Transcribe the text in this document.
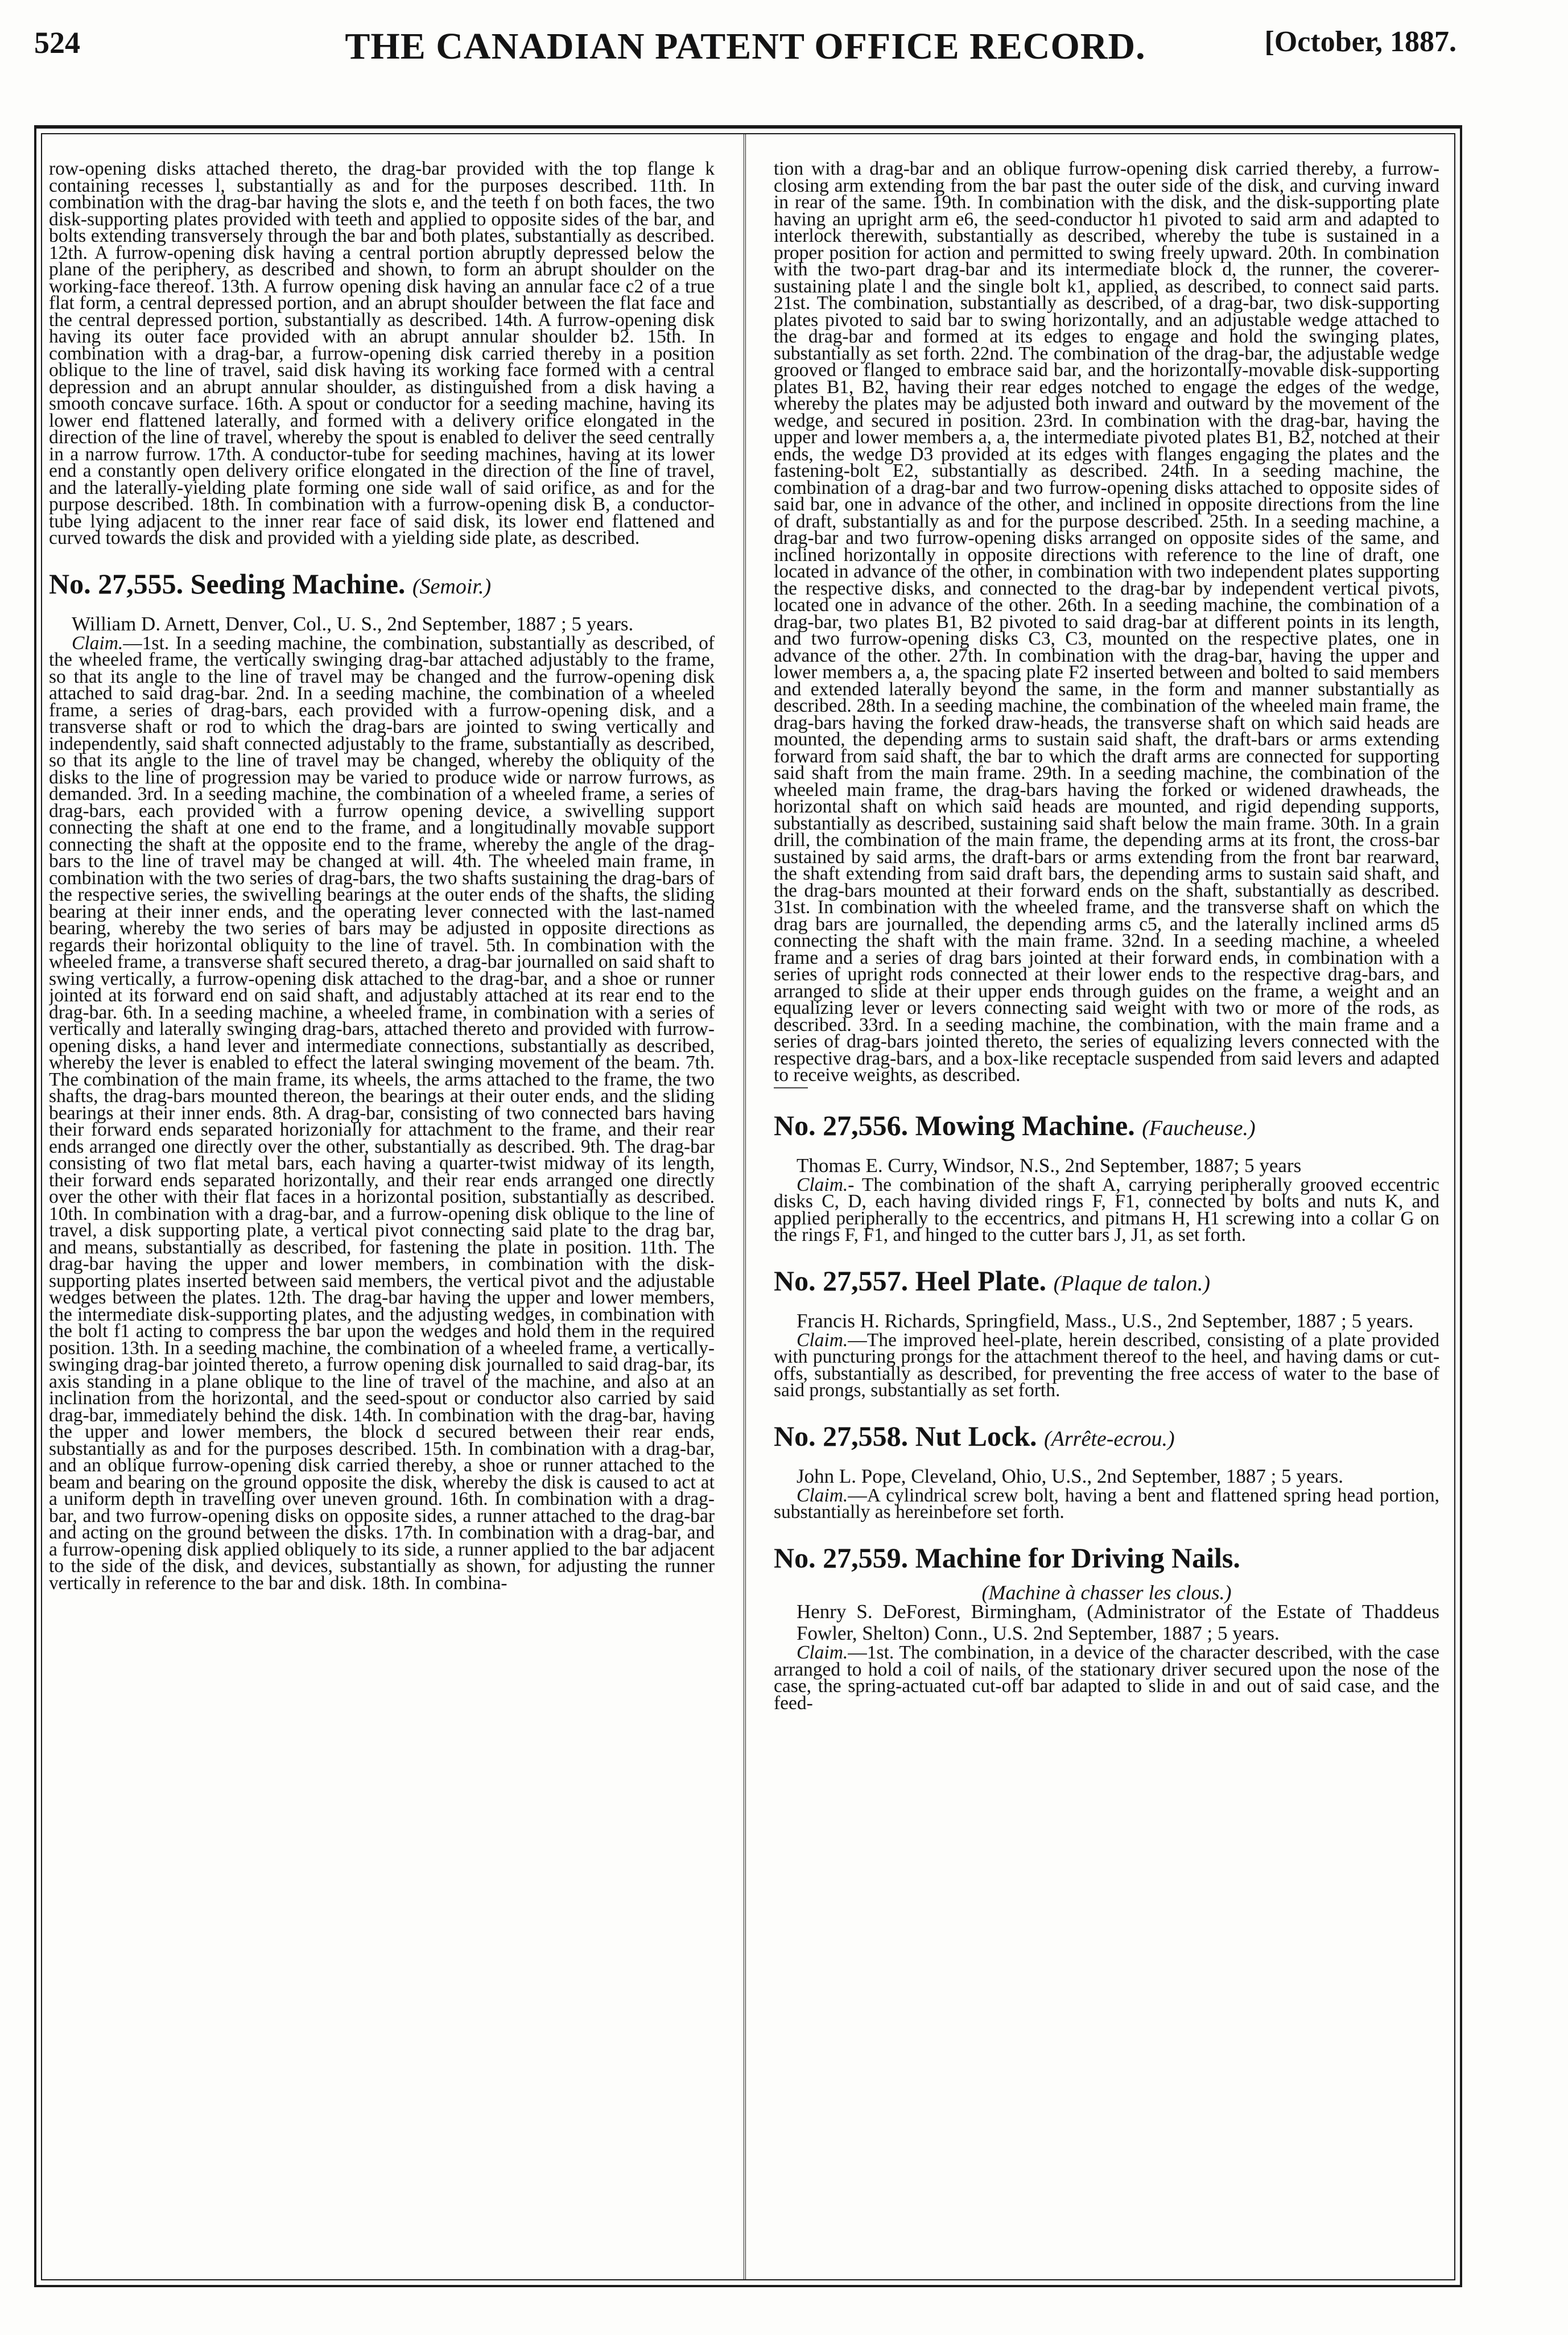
524	THE CANADIAN PATENT OFFICE RECORD.	[October, 1887.

row-opening disks attached thereto, the drag-bar provided with the top flange k containing recesses l, substantially as and for the purposes described. 11th. In combination with the drag-bar having the slots e, and the teeth f on both faces, the two disk-supporting plates provided with teeth and applied to opposite sides of the bar, and bolts extending transversely through the bar and both plates, substantially as described. 12th. A furrow-opening disk having a central portion abruptly depressed below the plane of the periphery, as described and shown, to form an abrupt shoulder on the working-face thereof. 13th. A furrow opening disk having an annular face c2 of a true flat form, a central depressed portion, and an abrupt shoulder between the flat face and the central depressed portion, substantially as described. 14th. A furrow-opening disk having its outer face provided with an abrupt annular shoulder b2. 15th. In combination with a drag-bar, a furrow-opening disk carried thereby in a position oblique to the line of travel, said disk having its working face formed with a central depression and an abrupt annular shoulder, as distinguished from a disk having a smooth concave surface. 16th. A spout or conductor for a seeding machine, having its lower end flattened laterally, and formed with a delivery orifice elongated in the direction of the line of travel, whereby the spout is enabled to deliver the seed centrally in a narrow furrow. 17th. A conductor-tube for seeding machines, having at its lower end a constantly open delivery orifice elongated in the direction of the line of travel, and the laterally-yielding plate forming one side wall of said orifice, as and for the purpose described. 18th. In combination with a furrow-opening disk B, a conductor-tube lying adjacent to the inner rear face of said disk, its lower end flattened and curved towards the disk and provided with a yielding side plate, as described.

No. 27,555. Seeding Machine. (Semoir.)

William D. Arnett, Denver, Col., U. S., 2nd September, 1887 ; 5 years.

Claim.—1st. In a seeding machine, the combination, substantially as described, of the wheeled frame, the vertically swinging drag-bar attached adjustably to the frame, so that its angle to the line of travel may be changed and the furrow-opening disk attached to said drag-bar. 2nd. In a seeding machine, the combination of a wheeled frame, a series of drag-bars, each provided with a furrow-opening disk, and a transverse shaft or rod to which the drag-bars are jointed to swing vertically and independently, said shaft connected adjustably to the frame, substantially as described, so that its angle to the line of travel may be changed, whereby the obliquity of the disks to the line of progression may be varied to produce wide or narrow furrows, as demanded. 3rd. In a seeding machine, the combination of a wheeled frame, a series of drag-bars, each provided with a furrow opening device, a swivelling support connecting the shaft at one end to the frame, and a longitudinally movable support connecting the shaft at the opposite end to the frame, whereby the angle of the drag-bars to the line of travel may be changed at will. 4th. The wheeled main frame, in combination with the two series of drag-bars, the two shafts sustaining the drag-bars of the respective series, the swivelling bearings at the outer ends of the shafts, the sliding bearing at their inner ends, and the operating lever connected with the last-named bearing, whereby the two series of bars may be adjusted in opposite directions as regards their horizontal obliquity to the line of travel. 5th. In combination with the wheeled frame, a transverse shaft secured thereto, a drag-bar journalled on said shaft to swing vertically, a furrow-opening disk attached to the drag-bar, and a shoe or runner jointed at its forward end on said shaft, and adjustably attached at its rear end to the drag-bar. 6th. In a seeding machine, a wheeled frame, in combination with a series of vertically and laterally swinging drag-bars, attached thereto and provided with furrow-opening disks, a hand lever and intermediate connections, substantially as described, whereby the lever is enabled to effect the lateral swinging movement of the beam. 7th. The combination of the main frame, its wheels, the arms attached to the frame, the two shafts, the drag-bars mounted thereon, the bearings at their outer ends, and the sliding bearings at their inner ends. 8th. A drag-bar, consisting of two connected bars having their forward ends separated horizonially for attachment to the frame, and their rear ends arranged one directly over the other, substantially as described. 9th. The drag-bar consisting of two flat metal bars, each having a quarter-twist midway of its length, their forward ends separated horizontally, and their rear ends arranged one directly over the other with their flat faces in a horizontal position, substantially as described. 10th. In combination with a drag-bar, and a furrow-opening disk oblique to the line of travel, a disk supporting plate, a vertical pivot connecting said plate to the drag bar, and means, substantially as described, for fastening the plate in position. 11th. The drag-bar having the upper and lower members, in combination with the disk-supporting plates inserted between said members, the vertical pivot and the adjustable wedges between the plates. 12th. The drag-bar having the upper and lower members, the intermediate disk-supporting plates, and the adjusting wedges, in combination with the bolt f1 acting to compress the bar upon the wedges and hold them in the required position. 13th. In a seeding machine, the combination of a wheeled frame, a vertically-swinging drag-bar jointed thereto, a furrow opening disk journalled to said drag-bar, its axis standing in a plane oblique to the line of travel of the machine, and also at an inclination from the horizontal, and the seed-spout or conductor also carried by said drag-bar, immediately behind the disk. 14th. In combination with the drag-bar, having the upper and lower members, the block d secured between their rear ends, substantially as and for the purposes described. 15th. In combination with a drag-bar, and an oblique furrow-opening disk carried thereby, a shoe or runner attached to the beam and bearing on the ground opposite the disk, whereby the disk is caused to act at a uniform depth in travelling over uneven ground. 16th. In combination with a drag-bar, and two furrow-opening disks on opposite sides, a runner attached to the drag-bar and acting on the ground between the disks. 17th. In combination with a drag-bar, and a furrow-opening disk applied obliquely to its side, a runner applied to the bar adjacent to the side of the disk, and devices, substantially as shown, for adjusting the runner vertically in reference to the bar and disk. 18th. In combina-

tion with a drag-bar and an oblique furrow-opening disk carried thereby, a furrow-closing arm extending from the bar past the outer side of the disk, and curving inward in rear of the same. 19th. In combination with the disk, and the disk-supporting plate having an upright arm e6, the seed-conductor h1 pivoted to said arm and adapted to interlock therewith, substantially as described, whereby the tube is sustained in a proper position for action and permitted to swing freely upward. 20th. In combination with the two-part drag-bar and its intermediate block d, the runner, the coverer-sustaining plate l and the single bolt k1, applied, as described, to connect said parts. 21st. The combination, substantially as described, of a drag-bar, two disk-supporting plates pivoted to said bar to swing horizontally, and an adjustable wedge attached to the drag-bar and formed at its edges to engage and hold the swinging plates, substantially as set forth. 22nd. The combination of the drag-bar, the adjustable wedge grooved or flanged to embrace said bar, and the horizontally-movable disk-supporting plates B1, B2, having their rear edges notched to engage the edges of the wedge, whereby the plates may be adjusted both inward and outward by the movement of the wedge, and secured in position. 23rd. In combination with the drag-bar, having the upper and lower members a, a, the intermediate pivoted plates B1, B2, notched at their ends, the wedge D3 provided at its edges with flanges engaging the plates and the fastening-bolt E2, substantially as described. 24th. In a seeding machine, the combination of a drag-bar and two furrow-opening disks attached to opposite sides of said bar, one in advance of the other, and inclined in opposite directions from the line of draft, substantially as and for the purpose described. 25th. In a seeding machine, a drag-bar and two furrow-opening disks arranged on opposite sides of the same, and inclined horizontally in opposite directions with reference to the line of draft, one located in advance of the other, in combination with two independent plates supporting the respective disks, and connected to the drag-bar by independent vertical pivots, located one in advance of the other. 26th. In a seeding machine, the combination of a drag-bar, two plates B1, B2 pivoted to said drag-bar at different points in its length, and two furrow-opening disks C3, C3, mounted on the respective plates, one in advance of the other. 27th. In combination with the drag-bar, having the upper and lower members a, a, the spacing plate F2 inserted between and bolted to said members and extended laterally beyond the same, in the form and manner substantially as described. 28th. In a seeding machine, the combination of the wheeled main frame, the drag-bars having the forked draw-heads, the transverse shaft on which said heads are mounted, the depending arms to sustain said shaft, the draft-bars or arms extending forward from said shaft, the bar to which the draft arms are connected for supporting said shaft from the main frame. 29th. In a seeding machine, the combination of the wheeled main frame, the drag-bars having the forked or widened drawheads, the horizontal shaft on which said heads are mounted, and rigid depending supports, substantially as described, sustaining said shaft below the main frame. 30th. In a grain drill, the combination of the main frame, the depending arms at its front, the cross-bar sustained by said arms, the draft-bars or arms extending from the front bar rearward, the shaft extending from said draft bars, the depending arms to sustain said shaft, and the drag-bars mounted at their forward ends on the shaft, substantially as described. 31st. In combination with the wheeled frame, and the transverse shaft on which the drag bars are journalled, the depending arms c5, and the laterally inclined arms d5 connecting the shaft with the main frame. 32nd. In a seeding machine, a wheeled frame and a series of drag bars jointed at their forward ends, in combination with a series of upright rods connected at their lower ends to the respective drag-bars, and arranged to slide at their upper ends through guides on the frame, a weight and an equalizing lever or levers connecting said weight with two or more of the rods, as described. 33rd. In a seeding machine, the combination, with the main frame and a series of drag-bars jointed thereto, the series of equalizing levers connected with the respective drag-bars, and a box-like receptacle suspended from said levers and adapted to receive weights, as described.

No. 27,556. Mowing Machine. (Faucheuse.)

Thomas E. Curry, Windsor, N.S., 2nd September, 1887; 5 years

Claim.- The combination of the shaft A, carrying peripherally grooved eccentric disks C, D, each having divided rings F, F1, connected by bolts and nuts K, and applied peripherally to the eccentrics, and pitmans H, H1 screwing into a collar G on the rings F, F1, and hinged to the cutter bars J, J1, as set forth.

No. 27,557. Heel Plate. (Plaque de talon.)

Francis H. Richards, Springfield, Mass., U.S., 2nd September, 1887 ; 5 years.

Claim.—The improved heel-plate, herein described, consisting of a plate provided with puncturing prongs for the attachment thereof to the heel, and having dams or cut-offs, substantially as described, for preventing the free access of water to the base of said prongs, substantially as set forth.

No. 27,558. Nut Lock. (Arrête-ecrou.)

John L. Pope, Cleveland, Ohio, U.S., 2nd September, 1887 ; 5 years.

Claim.—A cylindrical screw bolt, having a bent and flattened spring head portion, substantially as hereinbefore set forth.

No. 27,559. Machine for Driving Nails.

(Machine à chasser les clous.)

Henry S. DeForest, Birmingham, (Administrator of the Estate of Thaddeus Fowler, Shelton) Conn., U.S. 2nd September, 1887 ; 5 years.

Claim.—1st. The combination, in a device of the character described, with the case arranged to hold a coil of nails, of the stationary driver secured upon the nose of the case, the spring-actuated cut-off bar adapted to slide in and out of said case, and the feed-
